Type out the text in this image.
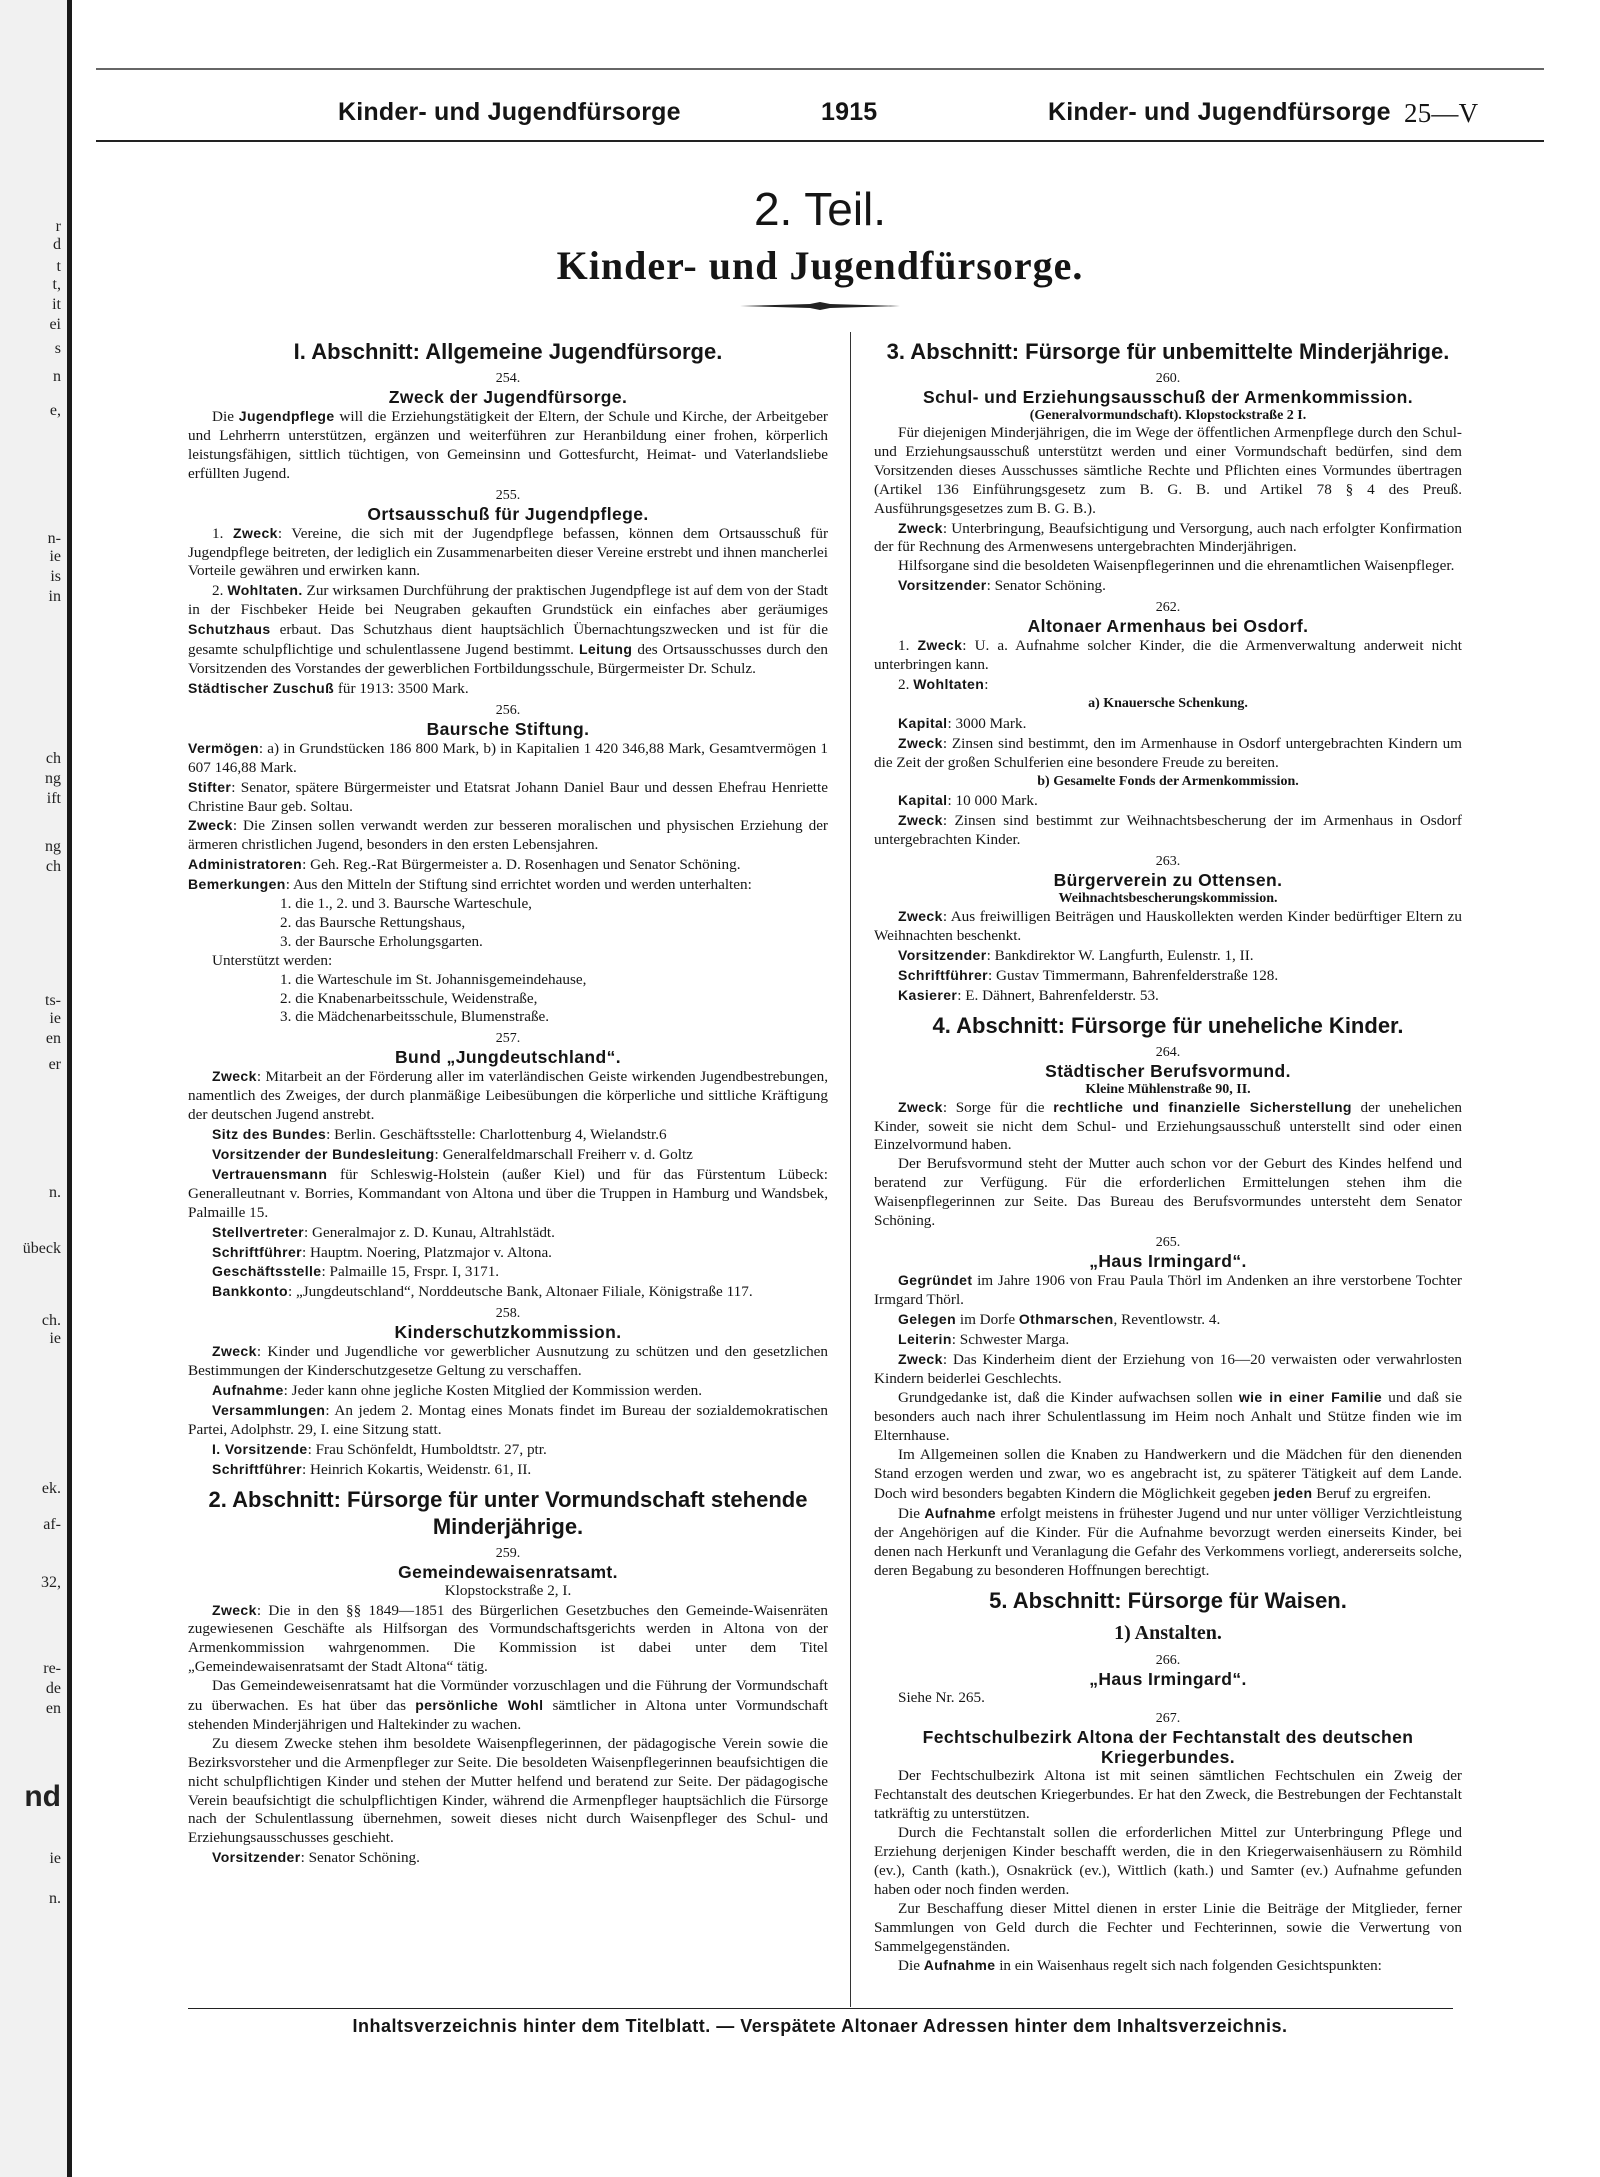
r
d
t
t,
it
ei
s
n
e,
n-
ie
is
in
ch
ng
ift
ng
ch
ts-
ie
en
er
n.
übeck
ch.
ie
ek.
af-
32,
re-
de
en
nd
ie
n.
Kinder- und Jugendfürsorge	1915	Kinder- und Jugendfürsorge 25—V
2. Teil.
Kinder- und Jugendfürsorge.
I. Abschnitt: Allgemeine Jugendfürsorge.
254.
Zweck der Jugendfürsorge.

Die Jugendpflege will die Erziehungstätigkeit der Eltern, der Schule und Kirche, der Arbeitgeber und Lehrherrn unterstützen, ergänzen und weiterführen zur Heranbildung einer frohen, körperlich leistungsfähigen, sittlich tüchtigen, von Gemeinsinn und Gottesfurcht, Heimat- und Vaterlandsliebe erfüllten Jugend.

255.
Ortsausschuß für Jugendpflege.

1. Zweck: Vereine, die sich mit der Jugendpflege befassen, können dem Ortsausschuß für Jugendpflege beitreten, der lediglich ein Zusammenarbeiten dieser Vereine erstrebt und ihnen mancherlei Vorteile gewähren und erwirken kann.

2. Wohltaten. Zur wirksamen Durchführung der praktischen Jugendpflege ist auf dem von der Stadt in der Fischbeker Heide bei Neugraben gekauften Grundstück ein einfaches aber geräumiges Schutzhaus erbaut. Das Schutzhaus dient hauptsächlich Übernachtungszwecken und ist für die gesamte schulpflichtige und schulentlassene Jugend bestimmt. Leitung des Ortsausschusses durch den Vorsitzenden des Vorstandes der gewerblichen Fortbildungsschule, Bürgermeister Dr. Schulz.

Städtischer Zuschuß für 1913: 3500 Mark.

256.
Baursche Stiftung.

Vermögen: a) in Grundstücken 186 800 Mark, b) in Kapitalien 1 420 346,88 Mark, Gesamtvermögen 1 607 146,88 Mark.

Stifter: Senator, spätere Bürgermeister und Etatsrat Johann Daniel Baur und dessen Ehefrau Henriette Christine Baur geb. Soltau.

Zweck: Die Zinsen sollen verwandt werden zur besseren moralischen und physischen Erziehung der ärmeren christlichen Jugend, besonders in den ersten Lebensjahren.

Administratoren: Geh. Reg.-Rat Bürgermeister a. D. Rosenhagen und Senator Schöning.

Bemerkungen: Aus den Mitteln der Stiftung sind errichtet worden und werden unterhalten:

1. die 1., 2. und 3. Baursche Warteschule,

2. das Baursche Rettungshaus,

3. der Baursche Erholungsgarten.

Unterstützt werden:

1. die Warteschule im St. Johannisgemeindehause,

2. die Knabenarbeitsschule, Weidenstraße,

3. die Mädchenarbeitsschule, Blumenstraße.

257.
Bund „Jungdeutschland“.

Zweck: Mitarbeit an der Förderung aller im vaterländischen Geiste wirkenden Jugendbestrebungen, namentlich des Zweiges, der durch planmäßige Leibesübungen die körperliche und sittliche Kräftigung der deutschen Jugend anstrebt.

Sitz des Bundes: Berlin. Geschäftsstelle: Charlottenburg 4, Wielandstr.6

Vorsitzender der Bundesleitung: Generalfeldmarschall Freiherr v. d. Goltz

Vertrauensmann für Schleswig-Holstein (außer Kiel) und für das Fürstentum Lübeck: Generalleutnant v. Borries, Kommandant von Altona und über die Truppen in Hamburg und Wandsbek, Palmaille 15.

Stellvertreter: Generalmajor z. D. Kunau, Altrahlstädt.

Schriftführer: Hauptm. Noering, Platzmajor v. Altona.

Geschäftsstelle: Palmaille 15, Frspr. I, 3171.

Bankkonto: „Jungdeutschland“, Norddeutsche Bank, Altonaer Filiale, Königstraße 117.

258.
Kinderschutzkommission.

Zweck: Kinder und Jugendliche vor gewerblicher Ausnutzung zu schützen und den gesetzlichen Bestimmungen der Kinderschutzgesetze Geltung zu verschaffen.

Aufnahme: Jeder kann ohne jegliche Kosten Mitglied der Kommission werden.

Versammlungen: An jedem 2. Montag eines Monats findet im Bureau der sozialdemokratischen Partei, Adolphstr. 29, I. eine Sitzung statt.

I. Vorsitzende: Frau Schönfeldt, Humboldtstr. 27, ptr.

Schriftführer: Heinrich Kokartis, Weidenstr. 61, II.

2. Abschnitt: Fürsorge für unter Vormundschaft stehende Minderjährige.
259.
Gemeindewaisenratsamt.
Klopstockstraße 2, I.

Zweck: Die in den §§ 1849—1851 des Bürgerlichen Gesetzbuches den Gemeinde-Waisenräten zugewiesenen Geschäfte als Hilfsorgan des Vormundschaftsgerichts werden in Altona von der Armenkommission wahrgenommen. Die Kommission ist dabei unter dem Titel „Gemeindewaisenratsamt der Stadt Altona“ tätig.

Das Gemeindeweisenratsamt hat die Vormünder vorzuschlagen und die Führung der Vormundschaft zu überwachen. Es hat über das persönliche Wohl sämtlicher in Altona unter Vormundschaft stehenden Minderjährigen und Haltekinder zu wachen.

Zu diesem Zwecke stehen ihm besoldete Waisenpflegerinnen, der pädagogische Verein sowie die Bezirksvorsteher und die Armenpfleger zur Seite. Die besoldeten Waisenpflegerinnen beaufsichtigen die nicht schulpflichtigen Kinder und stehen der Mutter helfend und beratend zur Seite. Der pädagogische Verein beaufsichtigt die schulpflichtigen Kinder, während die Armenpfleger hauptsächlich die Fürsorge nach der Schulentlassung übernehmen, soweit dieses nicht durch Waisenpfleger des Schul- und Erziehungsausschusses geschieht.

Vorsitzender: Senator Schöning.

3. Abschnitt: Fürsorge für unbemittelte Minderjährige.
260.
Schul- und Erziehungsausschuß der Armenkommission.
(Generalvormundschaft). Klopstockstraße 2 I.

Für diejenigen Minderjährigen, die im Wege der öffentlichen Armenpflege durch den Schul- und Erziehungsausschuß unterstützt werden und einer Vormundschaft bedürfen, sind dem Vorsitzenden dieses Ausschusses sämtliche Rechte und Pflichten eines Vormundes übertragen (Artikel 136 Einführungsgesetz zum B. G. B. und Artikel 78 § 4 des Preuß. Ausführungsgesetzes zum B. G. B.).

Zweck: Unterbringung, Beaufsichtigung und Versorgung, auch nach erfolgter Konfirmation der für Rechnung des Armenwesens untergebrachten Minderjährigen.

Hilfsorgane sind die besoldeten Waisenpflegerinnen und die ehrenamtlichen Waisenpfleger.

Vorsitzender: Senator Schöning.

262.
Altonaer Armenhaus bei Osdorf.

1. Zweck: U. a. Aufnahme solcher Kinder, die die Armenverwaltung anderweit nicht unterbringen kann.

2. Wohltaten:

a) Knauersche Schenkung.

Kapital: 3000 Mark.

Zweck: Zinsen sind bestimmt, den im Armenhause in Osdorf untergebrachten Kindern um die Zeit der großen Schulferien eine besondere Freude zu bereiten.

b) Gesamelte Fonds der Armenkommission.

Kapital: 10 000 Mark.

Zweck: Zinsen sind bestimmt zur Weihnachtsbescherung der im Armenhaus in Osdorf untergebrachten Kinder.

263.
Bürgerverein zu Ottensen.
Weihnachtsbescherungskommission.

Zweck: Aus freiwilligen Beiträgen und Hauskollekten werden Kinder bedürftiger Eltern zu Weihnachten beschenkt.

Vorsitzender: Bankdirektor W. Langfurth, Eulenstr. 1, II.

Schriftführer: Gustav Timmermann, Bahrenfelderstraße 128.

Kasierer: E. Dähnert, Bahrenfelderstr. 53.

4. Abschnitt: Fürsorge für uneheliche Kinder.
264.
Städtischer Berufsvormund.
Kleine Mühlenstraße 90, II.

Zweck: Sorge für die rechtliche und finanzielle Sicherstellung der unehelichen Kinder, soweit sie nicht dem Schul- und Erziehungsausschuß unterstellt sind oder einen Einzelvormund haben.

Der Berufsvormund steht der Mutter auch schon vor der Geburt des Kindes helfend und beratend zur Verfügung. Für die erforderlichen Ermittelungen stehen ihm die Waisenpflegerinnen zur Seite. Das Bureau des Berufsvormundes untersteht dem Senator Schöning.

265.
„Haus Irmingard“.

Gegründet im Jahre 1906 von Frau Paula Thörl im Andenken an ihre verstorbene Tochter Irmgard Thörl.

Gelegen im Dorfe Othmarschen, Reventlowstr. 4.

Leiterin: Schwester Marga.

Zweck: Das Kinderheim dient der Erziehung von 16—20 verwaisten oder verwahrlosten Kindern beiderlei Geschlechts.

Grundgedanke ist, daß die Kinder aufwachsen sollen wie in einer Familie und daß sie besonders auch nach ihrer Schulentlassung im Heim noch Anhalt und Stütze finden wie im Elternhause.

Im Allgemeinen sollen die Knaben zu Handwerkern und die Mädchen für den dienenden Stand erzogen werden und zwar, wo es angebracht ist, zu späterer Tätigkeit auf dem Lande. Doch wird besonders begabten Kindern die Möglichkeit gegeben jeden Beruf zu ergreifen.

Die Aufnahme erfolgt meistens in frühester Jugend und nur unter völliger Verzichtleistung der Angehörigen auf die Kinder. Für die Aufnahme bevorzugt werden einerseits Kinder, bei denen nach Herkunft und Veranlagung die Gefahr des Verkommens vorliegt, andererseits solche, deren Begabung zu besonderen Hoffnungen berechtigt.

5. Abschnitt: Fürsorge für Waisen.
1) Anstalten.
266.
„Haus Irmingard“.

Siehe Nr. 265.

267.
Fechtschulbezirk Altona der Fechtanstalt des deutschen Kriegerbundes.

Der Fechtschulbezirk Altona ist mit seinen sämtlichen Fechtschulen ein Zweig der Fechtanstalt des deutschen Kriegerbundes. Er hat den Zweck, die Bestrebungen der Fechtanstalt tatkräftig zu unterstützen.

Durch die Fechtanstalt sollen die erforderlichen Mittel zur Unterbringung Pflege und Erziehung derjenigen Kinder beschafft werden, die in den Kriegerwaisenhäusern zu Römhild (ev.), Canth (kath.), Osnakrück (ev.), Wittlich (kath.) und Samter (ev.) Aufnahme gefunden haben oder noch finden werden.

Zur Beschaffung dieser Mittel dienen in erster Linie die Beiträge der Mitglieder, ferner Sammlungen von Geld durch die Fechter und Fechterinnen, sowie die Verwertung von Sammelgegenständen.

Die Aufnahme in ein Waisenhaus regelt sich nach folgenden Gesichtspunkten:

Inhaltsverzeichnis hinter dem Titelblatt. — Verspätete Altonaer Adressen hinter dem Inhaltsverzeichnis.
